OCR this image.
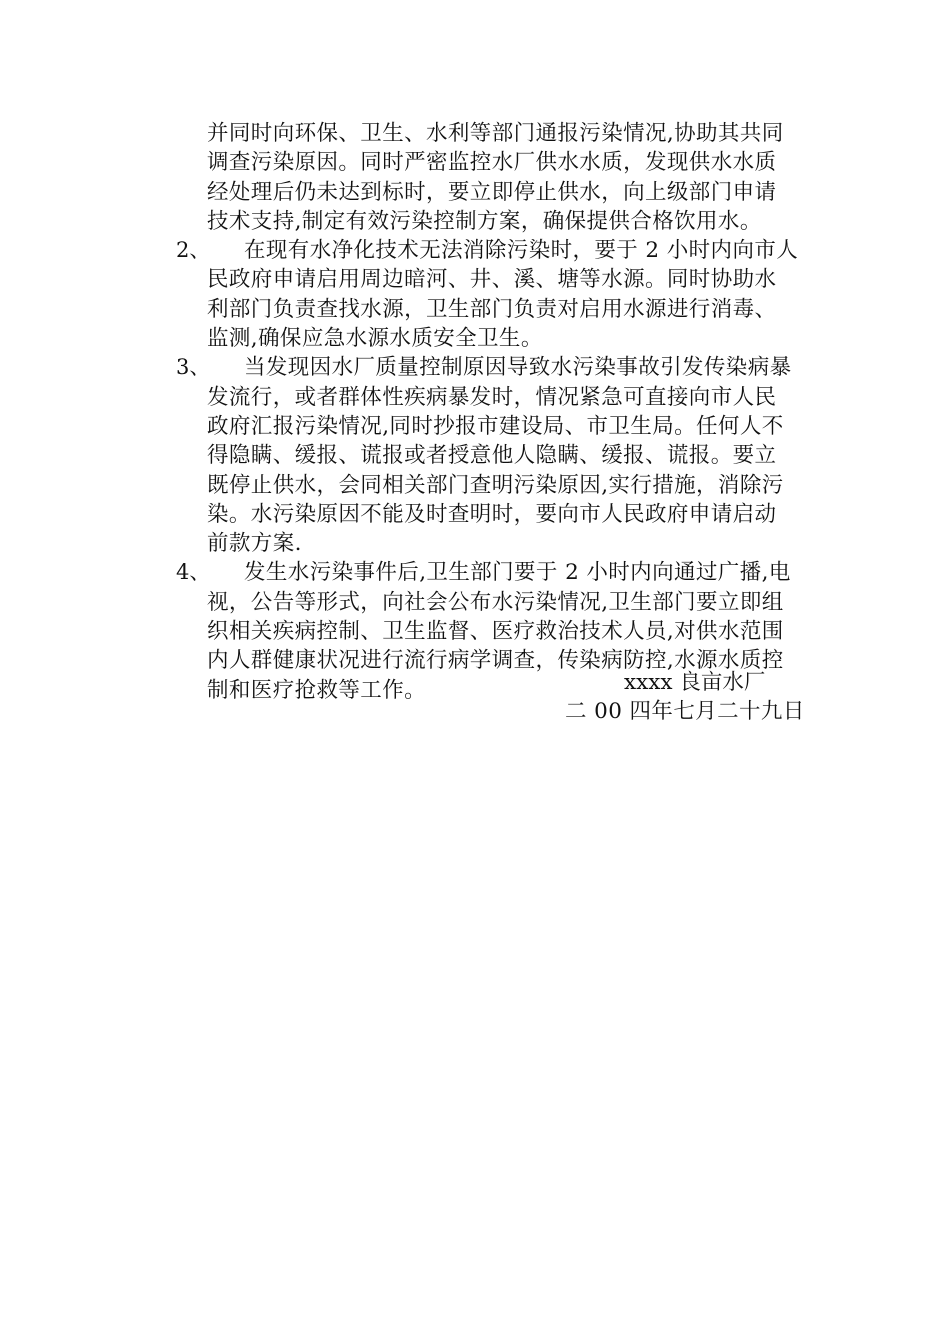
并同时向环保、卫生、水利等部门通报污染情况,协助其共同
调查污染原因。同时严密监控水厂供水水质，发现供水水质
经处理后仍未达到标时，要立即停止供水，向上级部门申请
技术支持,制定有效污染控制方案，确保提供合格饮用水。
2、	在现有水净化技术无法消除污染时，要于 2 小时内向市人
民政府申请启用周边暗河、井、溪、塘等水源。同时协助水
利部门负责查找水源，卫生部门负责对启用水源进行消毒、
监测,确保应急水源水质安全卫生。
3、	当发现因水厂质量控制原因导致水污染事故引发传染病暴
发流行，或者群体性疾病暴发时，情况紧急可直接向市人民
政府汇报污染情况,同时抄报市建设局、市卫生局。任何人不
得隐瞒、缓报、谎报或者授意他人隐瞒、缓报、谎报。要立
既停止供水，会同相关部门查明污染原因,实行措施，消除污
染。水污染原因不能及时查明时，要向市人民政府申请启动
前款方案.
4、	发生水污染事件后,卫生部门要于 2 小时内向通过广播,电
视，公告等形式，向社会公布水污染情况,卫生部门要立即组
织相关疾病控制、卫生监督、医疗救治技术人员,对供水范围
内人群健康状况进行流行病学调查，传染病防控,水源水质控
制和医疗抢救等工作。	xxxx 良亩水厂
二 00 四年七月二十九日
